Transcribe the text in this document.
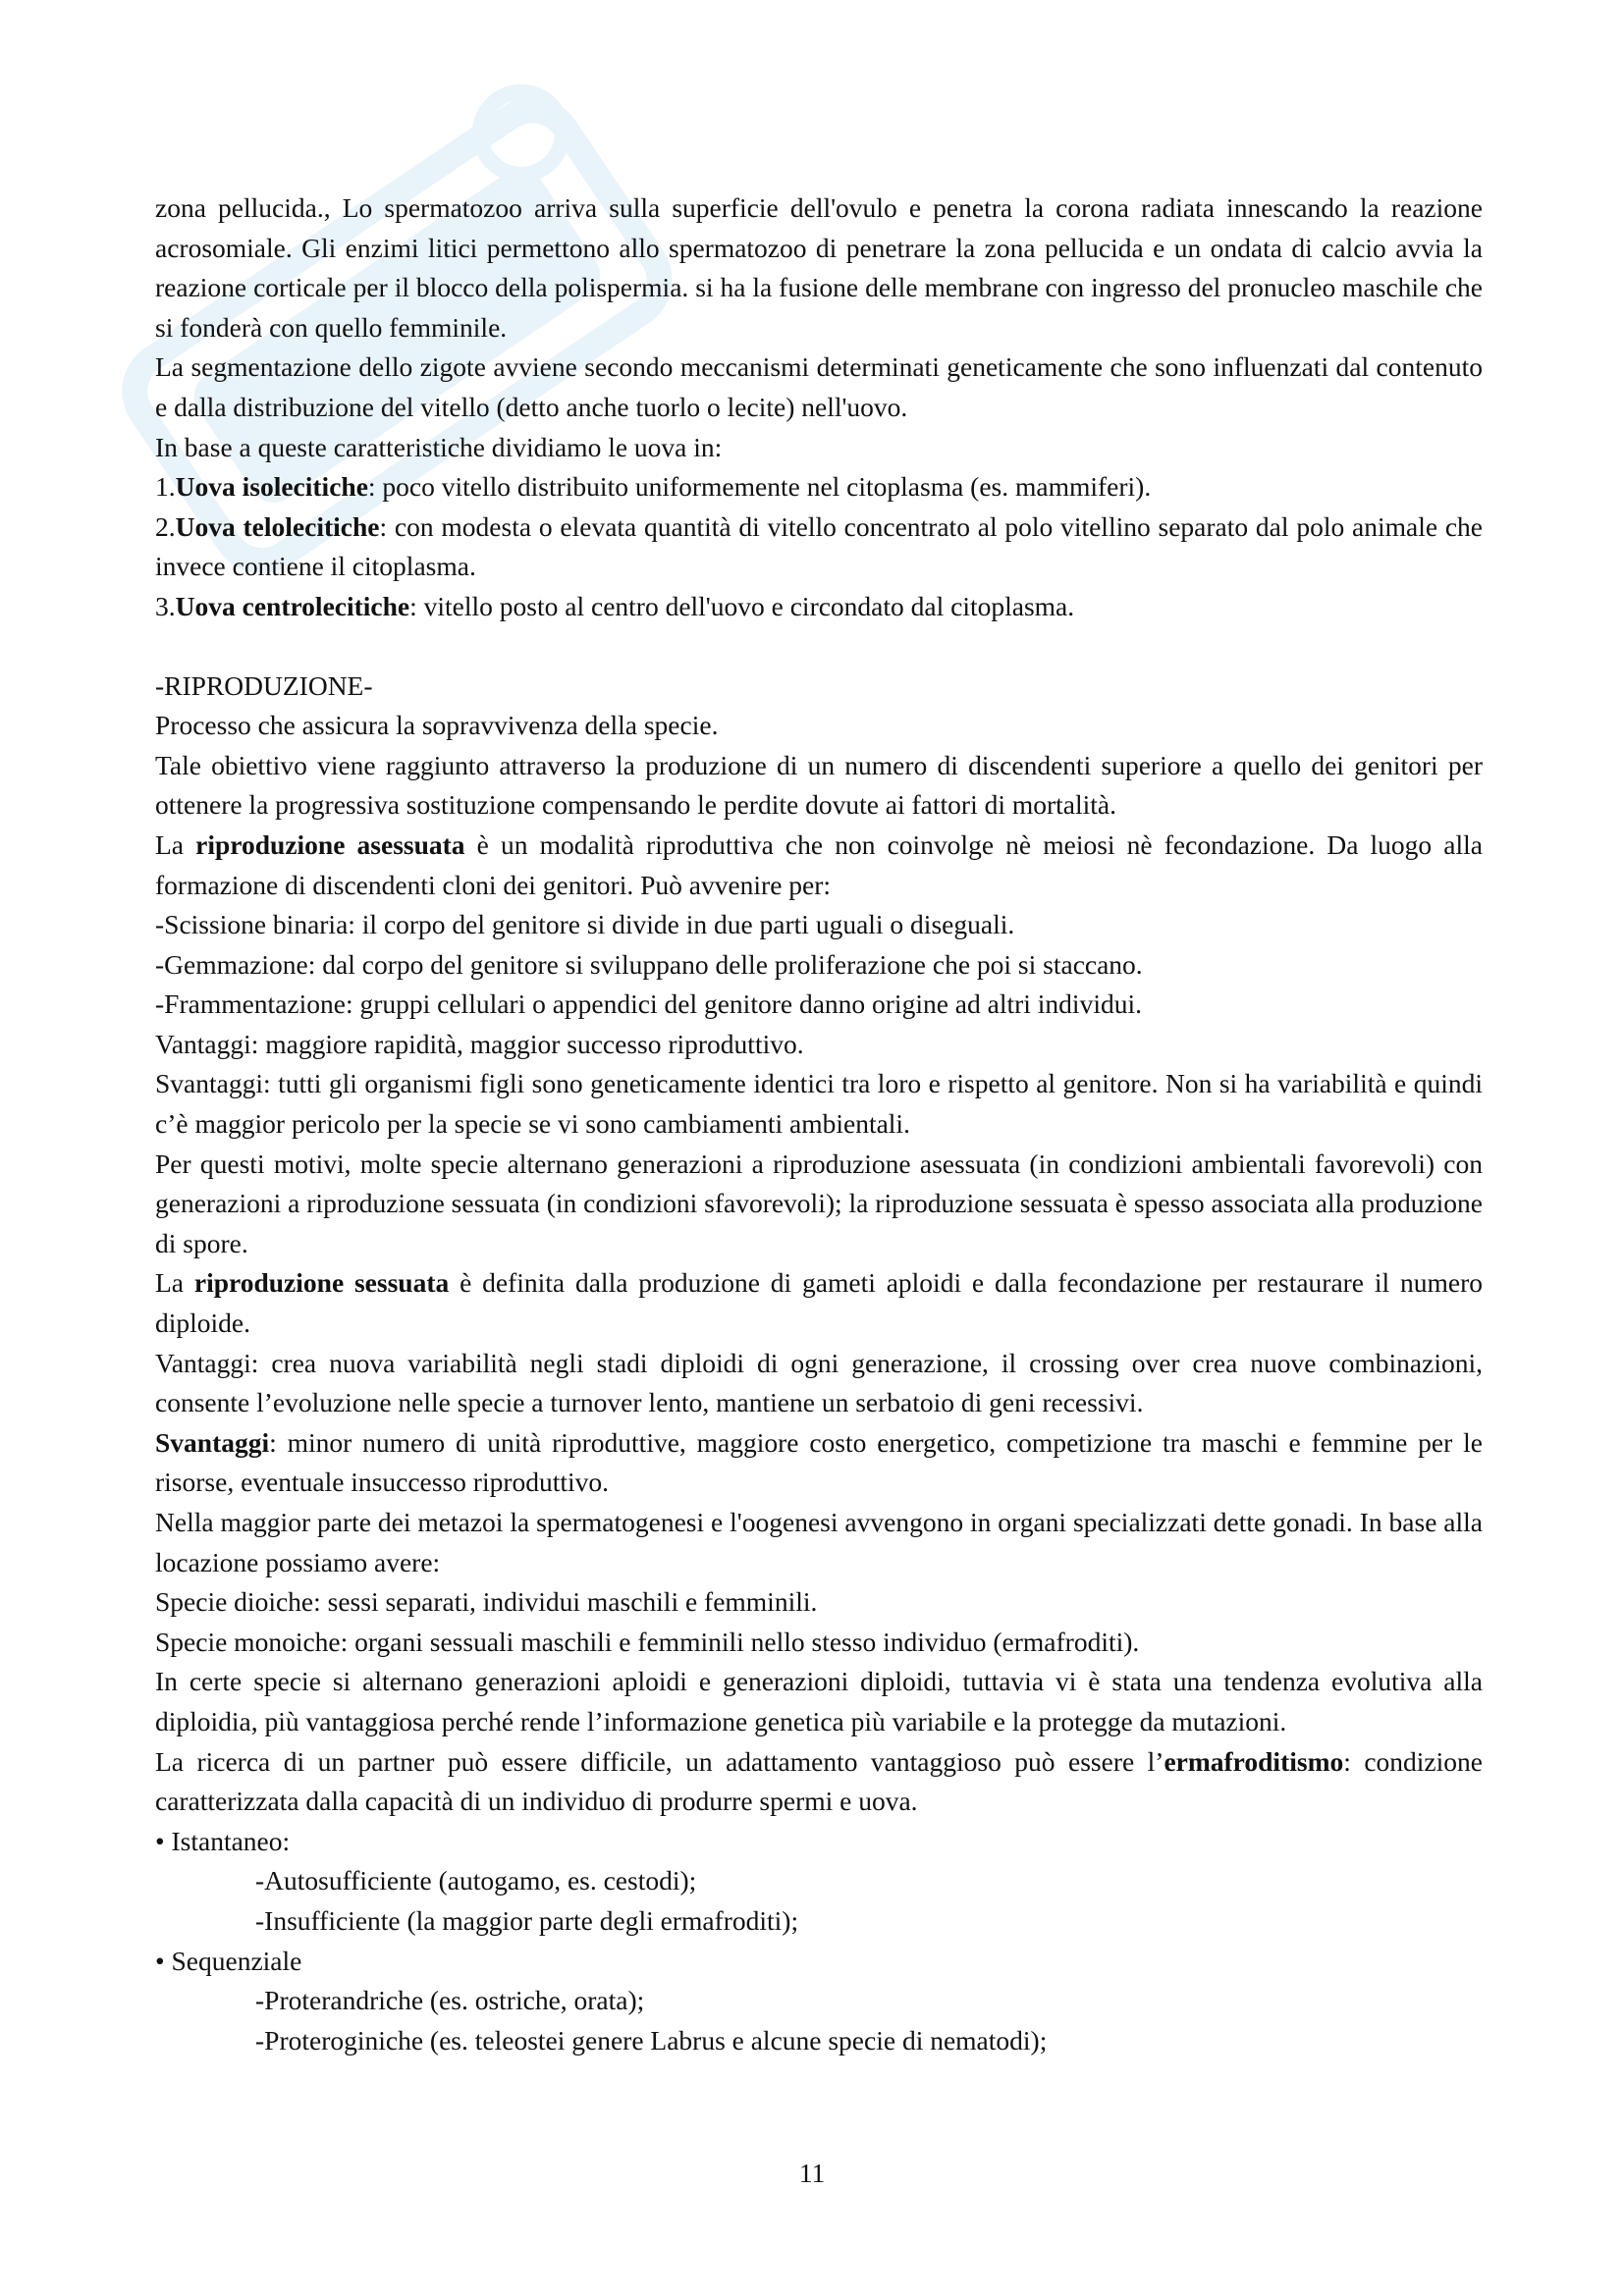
zona pellucida., Lo spermatozoo arriva sulla superficie dell'ovulo e penetra la corona radiata innescando la reazione acrosomiale. Gli enzimi litici permettono allo spermatozoo di penetrare la zona pellucida e un ondata di calcio avvia la reazione corticale per il blocco della polispermia. si ha la fusione delle membrane con ingresso del pronucleo maschile che si fonderà con quello femminile.

La segmentazione dello zigote avviene secondo meccanismi determinati geneticamente che sono influenzati dal contenuto e dalla distribuzione del vitello (detto anche tuorlo o lecite) nell'uovo.

In base a queste caratteristiche dividiamo le uova in:

1.Uova isolecitiche: poco vitello distribuito uniformemente nel citoplasma (es. mammiferi).

2.Uova telolecitiche: con modesta o elevata quantità di vitello concentrato al polo vitellino separato dal polo animale che invece contiene il citoplasma.

3.Uova centrolecitiche: vitello posto al centro dell'uovo e circondato dal citoplasma.

-RIPRODUZIONE-

Processo che assicura la sopravvivenza della specie.

Tale obiettivo viene raggiunto attraverso la produzione di un numero di discendenti superiore a quello dei genitori per ottenere la progressiva sostituzione compensando le perdite dovute ai fattori di mortalità.

La riproduzione asessuata è un modalità riproduttiva che non coinvolge nè meiosi nè fecondazione. Da luogo alla formazione di discendenti cloni dei genitori. Può avvenire per:

-Scissione binaria: il corpo del genitore si divide in due parti uguali o diseguali.

-Gemmazione: dal corpo del genitore si sviluppano delle proliferazione che poi si staccano.

-Frammentazione: gruppi cellulari o appendici del genitore danno origine ad altri individui.

Vantaggi: maggiore rapidità, maggior successo riproduttivo.

Svantaggi: tutti gli organismi figli sono geneticamente identici tra loro e rispetto al genitore. Non si ha variabilità e quindi c’è maggior pericolo per la specie se vi sono cambiamenti ambientali.

Per questi motivi, molte specie alternano generazioni a riproduzione asessuata (in condizioni ambientali favorevoli) con generazioni a riproduzione sessuata (in condizioni sfavorevoli); la riproduzione sessuata è spesso associata alla produzione di spore.

La riproduzione sessuata è definita dalla produzione di gameti aploidi e dalla fecondazione per restaurare il numero diploide.

Vantaggi: crea nuova variabilità negli stadi diploidi di ogni generazione, il crossing over crea nuove combinazioni, consente l’evoluzione nelle specie a turnover lento, mantiene un serbatoio di geni recessivi.

Svantaggi: minor numero di unità riproduttive, maggiore costo energetico, competizione tra maschi e femmine per le risorse, eventuale insuccesso riproduttivo.

Nella maggior parte dei metazoi la spermatogenesi e l'oogenesi avvengono in organi specializzati dette gonadi. In base alla locazione possiamo avere:

Specie dioiche: sessi separati, individui maschili e femminili.

Specie monoiche: organi sessuali maschili e femminili nello stesso individuo (ermafroditi).

In certe specie si alternano generazioni aploidi e generazioni diploidi, tuttavia vi è stata una tendenza evolutiva alla diploidia, più vantaggiosa perché rende l’informazione genetica più variabile e la protegge da mutazioni.

La ricerca di un partner può essere difficile, un adattamento vantaggioso può essere l’ermafroditismo: condizione caratterizzata dalla capacità di un individuo di produrre spermi e uova.

• Istantaneo:

-Autosufficiente (autogamo, es. cestodi);

-Insufficiente (la maggior parte degli ermafroditi);

• Sequenziale

-Proterandriche (es. ostriche, orata);

-Proteroginiche (es. teleostei genere Labrus e alcune specie di nematodi);

11
